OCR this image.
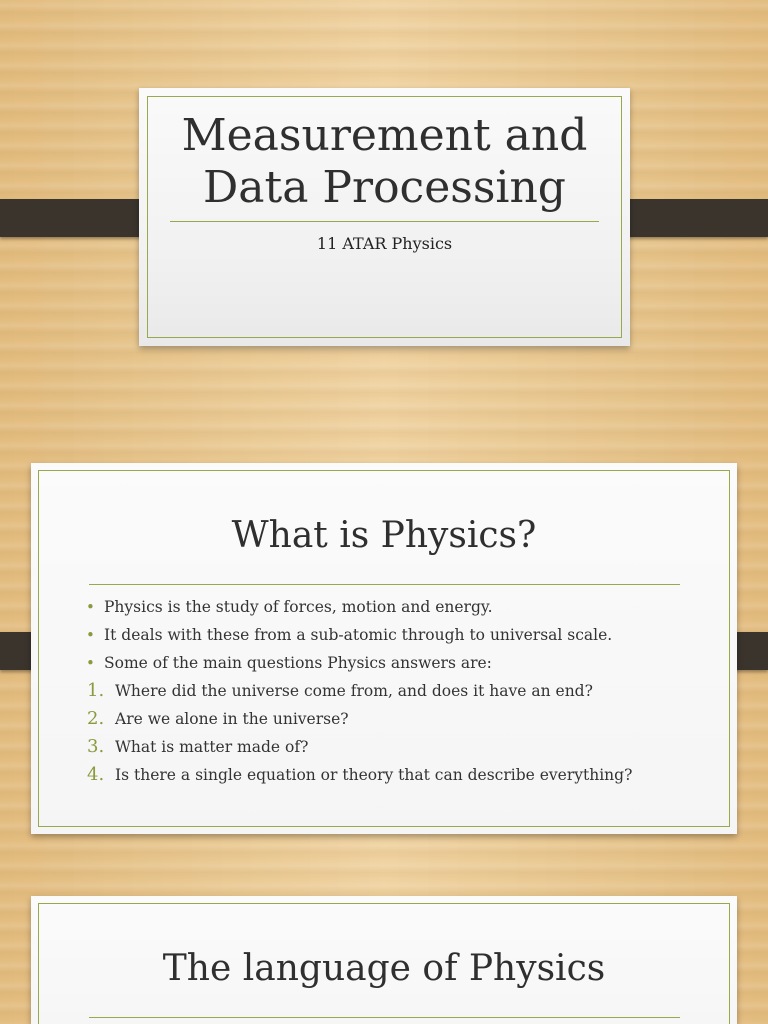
Measurement and
Data Processing
11 ATAR Physics
What is Physics?
• Physics is the study of forces, motion and energy.
• It deals with these from a sub-atomic through to universal scale.
• Some of the main questions Physics answers are:
1. Where did the universe come from, and does it have an end?
2. Are we alone in the universe?
3. What is matter made of?
4. Is there a single equation or theory that can describe everything?
The language of Physics
